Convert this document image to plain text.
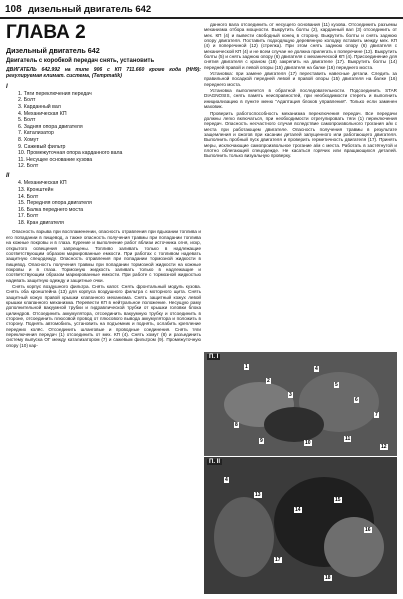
108 дизельный двигатель 642
ГЛАВА 2
Дизельный двигатель 642
Двигатель с коробкой передач снять, установить
ДВИГАТЕЛЬ 642.992 на типе 906 с КП 711.660 кроме кода (НН9): регулируемая климат. система, (Tempmatik)
I
1. Тяги переключения передач
2. Болт
3. Карданный вал
4. Механическая КП
5. Болт
6. Задняя опора двигателя
7. Катализатор
8. Хомут
9. Сажевый фильтр
10. Промежуточная опора карданного вала
11. Несущее основание кузова
12. Болт
II
4. Механическая КП
13. Кронштейн
14. Болт
15. Передняя опора двигателя
16. Балка переднего моста
17. Болт
18. Кран двигателя

Опасность взрыва при воспламенении, опасность отравления при вдыхании топлива и его попадании в пищевод, а также опасность получения травмы при попадании топлива на кожные покровы и в глаза. Курение и выполнение работ вблизи источника огня, искр, открытого освещения запрещены. Топливо заливать только в надлежащие соответствующим образом маркированные емкости. При работах с топливом надевать защитную спецодежду. Опасность отравления при попадании тормозной жидкости в пищевод. Опасность получения травмы при попадании тормозной жидкости на кожные покровы и в глаза. Тормозную жидкость заливать только в надлежащие и соответствующим образом маркированные емкости. При работе с тормозной жидкостью надевать защитную одежду и защитные очки.

Снять корпус воздушного фильтра. Снять капот. Снять фронтальный модуль кузова. Снять оба кронштейна (13) для корпуса воздушного фильтра с моторного щита. Снять защитный кожух правой крышки клапанного механизма. Снять защитный кожух левой крышки клапанного механизма. Перевести КП в нейтральное положение. Несущую раму дополнительной вакуумной трубки и гидравлической трубки от крышки головки блока цилиндров. Отсоединить аккумулятора, отсоединить вакуумную трубку и отсоединить в стороне, отсоединить плюсовой провод от плюсового вывода аккумулятора и положить в сторону. Поднять автомобиль, установить на подъемник и поднять, ослабить крепление передних колёс. Отсоединить шланговые и проводные соединения. Снять тяги переключения передач (1) отсоединить от мех. КП (4). Снять хомут (8) и разъединить систему выпуска ОГ между катализатором (7) и сажевым фильтром (9). Промежуточную опору (10) кар-

данного вала отсоединить от несущего основания (11) кузова. Отсоединить разъемы механизма отбора мощности. Выкрутить болты (2), карданный вал (3) отсоединить от мех. КП (4) и вывести свободный конец в сторону. Выкрутить болты и снять заднюю опору двигателя. Поставить подходящую деревянную колодку вставить между мех. КП (4) и поперечиной (12) (стрелка). При этом снять заднюю опору (6) двигателя с механической КП (4) и не всем случае не должна прилегать к поперечине (12). Выкрутить болты (5) и снять заднюю опору (6) двигателя с механической КП (4). Присоединение для снятия двигателя с краном (18) закрепить на двигателе (17). Выкрутить болты (14) передней правой и левой опоры (15) двигателя на балке (16) переднего моста.

Установка: при замене двигателя (17) переставить навесные детали. Следить за правильной посадкой передней левой и правой опоры (15) двигателя на балке (16) переднего моста.

Установка выполняется в обратной последовательности. Подсоединить STAR DIAGNOSIS, снять память неисправностей, при необходимости стереть и выполнить инициализацию в пункте меню "Адаптация блоков управления". Только если заменен маховик.

Проверить работоспособность механизма переключения передач. Все передачи должны легко включаться, при необходимости отрегулировать тяги (1) переключения передач. Опасность несчастного случая вследствие самопроизвольного трогания а/м с места при работающем двигателе. Опасность получения травмы в результате защемления и ожогов при касании деталей запущенного или работающего двигателя. Выполнить пробный пуск двигателя и проверить герметичность двигателя (17). Принять меры, исключающие самопроизвольное трогание а/м с места. Работать в застёгнутой и плотно облегающей спецодежде. Не касаться горячих или вращающихся деталей. Выполнить только визуальную проверку.

П. I
1
2
3
4
5
6
7
8
9	10
11
12
П. II
4
13
14
15
16
17
18
